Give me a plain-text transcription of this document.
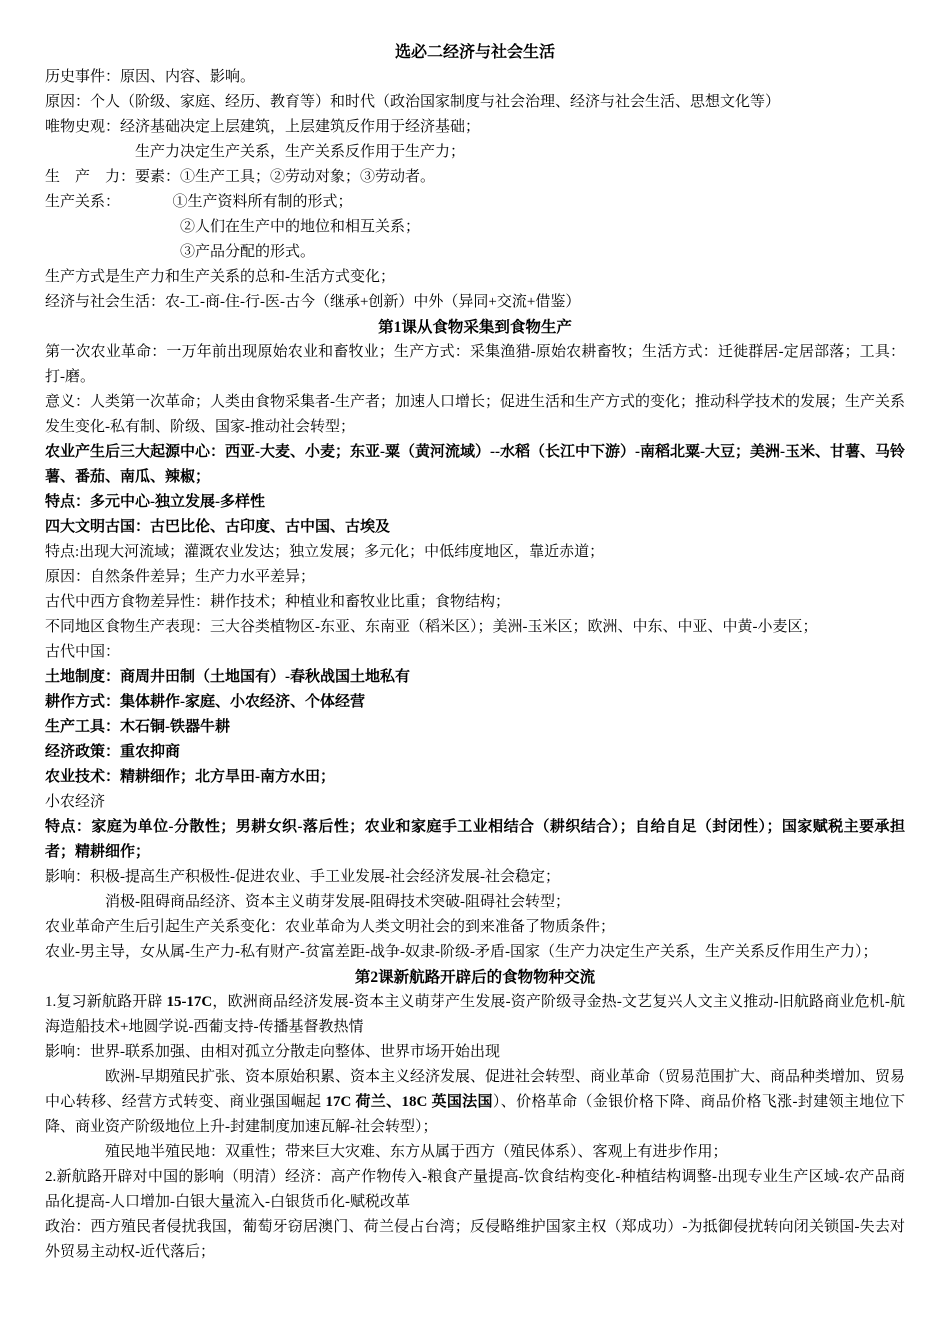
选必二经济与社会生活
历史事件：原因、内容、影响。
原因：个人（阶级、家庭、经历、教育等）和时代（政治国家制度与社会治理、经济与社会生活、思想文化等）
唯物史观：经济基础决定上层建筑，上层建筑反作用于经济基础；
　　　　　　生产力决定生产关系，生产关系反作用于生产力；
生　产　力：要素：①生产工具；②劳动对象；③劳动者。
生产关系：　　　　①生产资料所有制的形式；
　　　　　　　　　②人们在生产中的地位和相互关系；
　　　　　　　　　③产品分配的形式。
生产方式是生产力和生产关系的总和-生活方式变化；
经济与社会生活：农-工-商-住-行-医-古今（继承+创新）中外（异同+交流+借鉴）
第1课从食物采集到食物生产
第一次农业革命：一万年前出现原始农业和畜牧业；生产方式：采集渔猎-原始农耕畜牧；生活方式：迁徙群居-定居部落；工具：打-磨。
意义：人类第一次革命；人类由食物采集者-生产者；加速人口增长；促进生活和生产方式的变化；推动科学技术的发展；生产关系发生变化-私有制、阶级、国家-推动社会转型；
农业产生后三大起源中心：西亚-大麦、小麦；东亚-粟（黄河流域）--水稻（长江中下游）-南稻北粟-大豆；美洲-玉米、甘薯、马铃薯、番茄、南瓜、辣椒；
特点：多元中心-独立发展-多样性
四大文明古国：古巴比伦、古印度、古中国、古埃及
特点:出现大河流域；灌溉农业发达；独立发展；多元化；中低纬度地区，靠近赤道；
原因：自然条件差异；生产力水平差异；
古代中西方食物差异性：耕作技术；种植业和畜牧业比重；食物结构；
不同地区食物生产表现：三大谷类植物区-东亚、东南亚（稻米区）；美洲-玉米区；欧洲、中东、中亚、中黄-小麦区；
古代中国：
土地制度：商周井田制（土地国有）-春秋战国土地私有
耕作方式：集体耕作-家庭、小农经济、个体经营
生产工具：木石铜-铁器牛耕
经济政策：重农抑商
农业技术：精耕细作；北方旱田-南方水田；
小农经济
特点：家庭为单位-分散性；男耕女织-落后性；农业和家庭手工业相结合（耕织结合）；自给自足（封闭性）；国家赋税主要承担者；精耕细作；
影响：积极-提高生产积极性-促进农业、手工业发展-社会经济发展-社会稳定；
　　　　消极-阻碍商品经济、资本主义萌芽发展-阻碍技术突破-阻碍社会转型；
农业革命产生后引起生产关系变化：农业革命为人类文明社会的到来准备了物质条件；
农业-男主导，女从属-生产力-私有财产-贫富差距-战争-奴隶-阶级-矛盾-国家（生产力决定生产关系，生产关系反作用生产力）；
第2课新航路开辟后的食物物种交流
1.复习新航路开辟 15-17C，欧洲商品经济发展-资本主义萌芽产生发展-资产阶级寻金热-文艺复兴人文主义推动-旧航路商业危机-航海造船技术+地圆学说-西葡支持-传播基督教热情
影响：世界-联系加强、由相对孤立分散走向整体、世界市场开始出现
　　　　欧洲-早期殖民扩张、资本原始积累、资本主义经济发展、促进社会转型、商业革命（贸易范围扩大、商品种类增加、贸易中心转移、经营方式转变、商业强国崛起 17C 荷兰、18C 英国法国）、价格革命（金银价格下降、商品价格飞涨-封建领主地位下降、商业资产阶级地位上升-封建制度加速瓦解-社会转型）；
　　　　殖民地半殖民地：双重性；带来巨大灾难、东方从属于西方（殖民体系）、客观上有进步作用；
2.新航路开辟对中国的影响（明清）经济：高产作物传入-粮食产量提高-饮食结构变化-种植结构调整-出现专业生产区域-农产品商品化提高-人口增加-白银大量流入-白银货币化-赋税改革
政治：西方殖民者侵扰我国，葡萄牙窃居澳门、荷兰侵占台湾；反侵略维护国家主权（郑成功）-为抵御侵扰转向闭关锁国-失去对外贸易主动权-近代落后；
